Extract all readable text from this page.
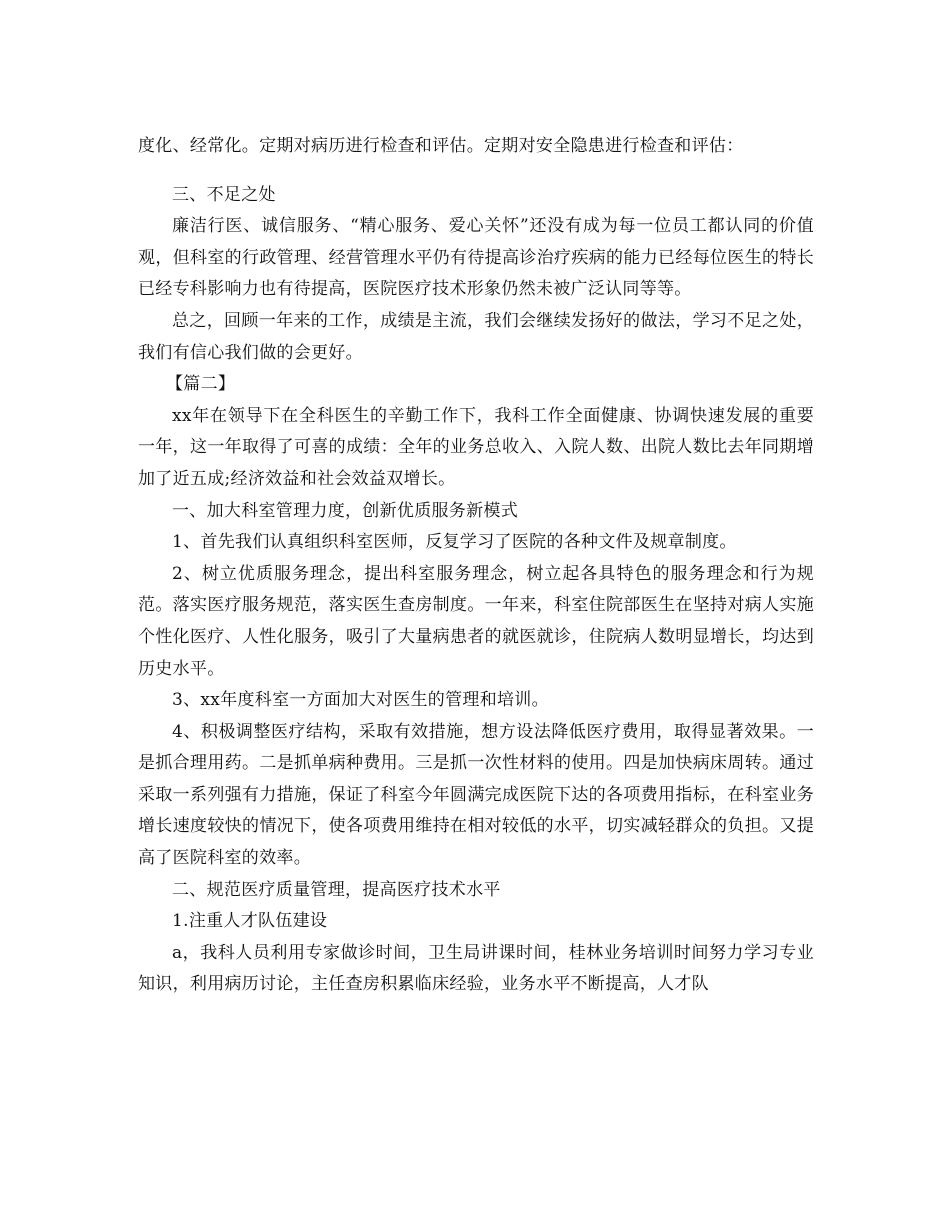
度化、经常化。定期对病历进行检查和评估。定期对安全隐患进行检查和评估：

三、不足之处

廉洁行医、诚信服务、“精心服务、爱心关怀”还没有成为每一位员工都认同的价值观，但科室的行政管理、经营管理水平仍有待提高诊治疗疾病的能力已经每位医生的特长已经专科影响力也有待提高，医院医疗技术形象仍然未被广泛认同等等。

总之，回顾一年来的工作，成绩是主流，我们会继续发扬好的做法，学习不足之处，我们有信心我们做的会更好。

【篇二】

xx年在领导下在全科医生的辛勤工作下，我科工作全面健康、协调快速发展的重要一年，这一年取得了可喜的成绩：全年的业务总收入、入院人数、出院人数比去年同期增加了近五成;经济效益和社会效益双增长。

一、加大科室管理力度，创新优质服务新模式

1、首先我们认真组织科室医师，反复学习了医院的各种文件及规章制度。

2、树立优质服务理念，提出科室服务理念，树立起各具特色的服务理念和行为规范。落实医疗服务规范，落实医生查房制度。一年来，科室住院部医生在坚持对病人实施个性化医疗、人性化服务，吸引了大量病患者的就医就诊，住院病人数明显增长，均达到历史水平。

3、xx年度科室一方面加大对医生的管理和培训。

4、积极调整医疗结构，采取有效措施，想方设法降低医疗费用，取得显著效果。一是抓合理用药。二是抓单病种费用。三是抓一次性材料的使用。四是加快病床周转。通过采取一系列强有力措施，保证了科室今年圆满完成医院下达的各项费用指标，在科室业务增长速度较快的情况下，使各项费用维持在相对较低的水平，切实减轻群众的负担。又提高了医院科室的效率。

二、规范医疗质量管理，提高医疗技术水平

1.注重人才队伍建设

a，我科人员利用专家做诊时间，卫生局讲课时间，桂林业务培训时间努力学习专业知识，利用病历讨论，主任查房积累临床经验，业务水平不断提高，人才队
